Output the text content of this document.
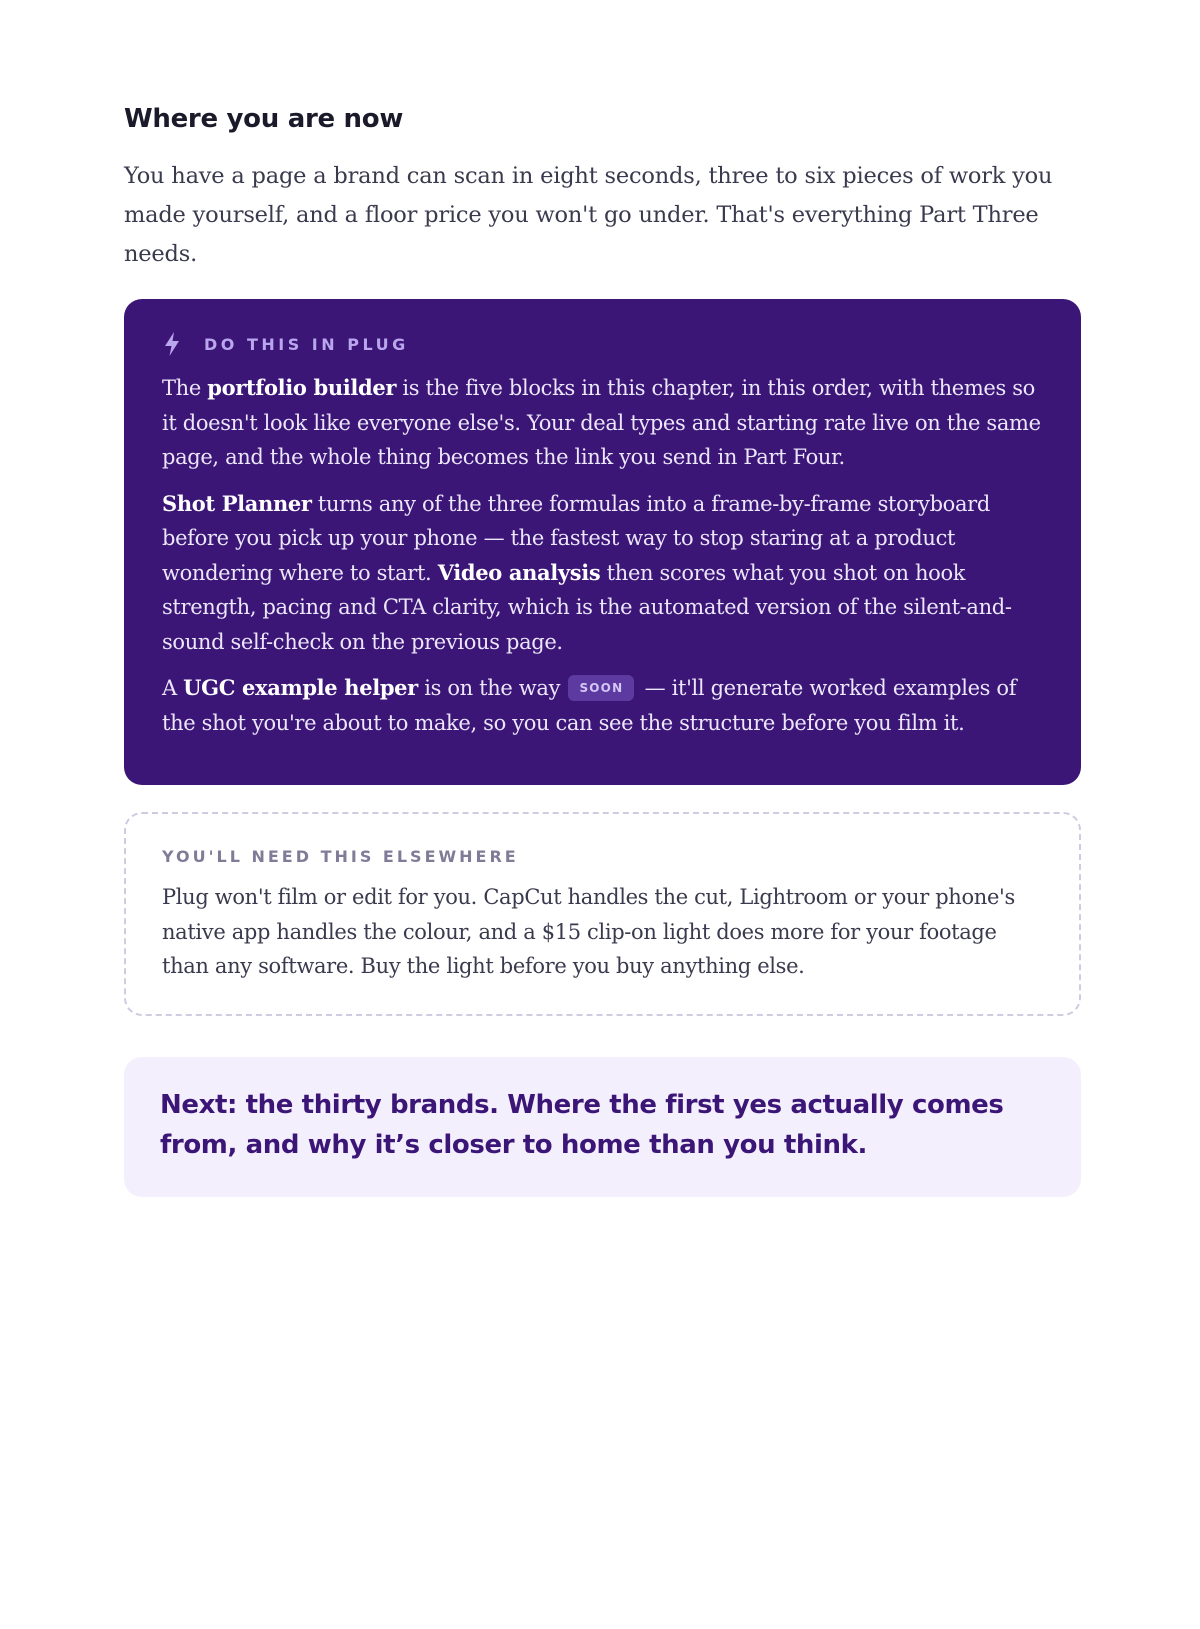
Where you are now

You have a page a brand can scan in eight seconds, three to six pieces of work you made yourself, and a floor price you won't go under. That's everything Part Three needs.

DO THIS IN PLUG

The portfolio builder is the five blocks in this chapter, in this order, with themes so it doesn't look like everyone else's. Your deal types and starting rate live on the same page, and the whole thing becomes the link you send in Part Four.

Shot Planner turns any of the three formulas into a frame-by-frame storyboard before you pick up your phone — the fastest way to stop staring at a product wondering where to start. Video analysis then scores what you shot on hook strength, pacing and CTA clarity, which is the automated version of the silent-and-sound self-check on the previous page.

A UGC example helper is on the way SOON — it'll generate worked examples of the shot you're about to make, so you can see the structure before you film it.

YOU'LL NEED THIS ELSEWHERE

Plug won't film or edit for you. CapCut handles the cut, Lightroom or your phone's native app handles the colour, and a $15 clip-on light does more for your footage than any software. Buy the light before you buy anything else.

Next: the thirty brands. Where the first yes actually comes from, and why it’s closer to home than you think.
